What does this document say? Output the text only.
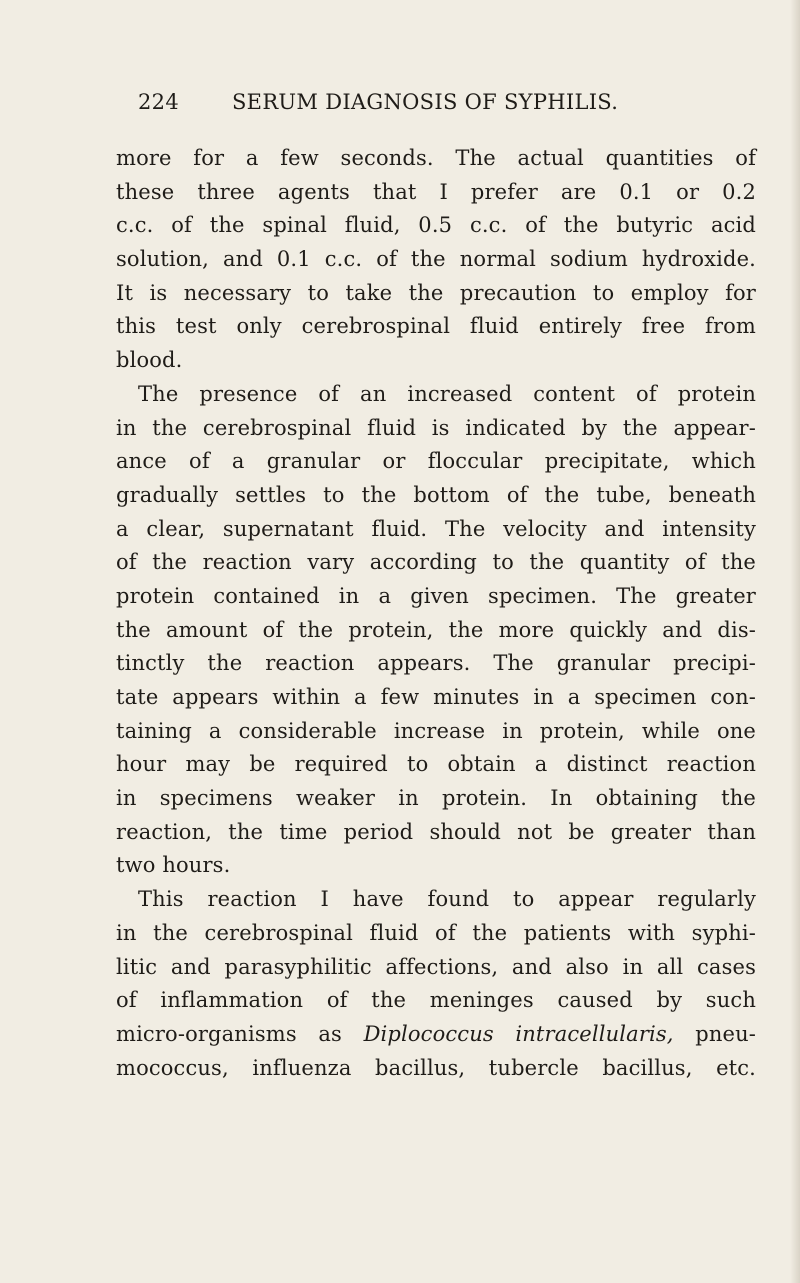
224	SERUM DIAGNOSIS OF SYPHILIS.
more for a few seconds. The actual quantities of
these three agents that I prefer are 0.1 or 0.2
c.c. of the spinal fluid, 0.5 c.c. of the butyric acid
solution, and 0.1 c.c. of the normal sodium hydroxide.
It is necessary to take the precaution to employ for
this test only cerebrospinal fluid entirely free from
blood.
The presence of an increased content of protein
in the cerebrospinal fluid is indicated by the appear-
ance of a granular or floccular precipitate, which
gradually settles to the bottom of the tube, beneath
a clear, supernatant fluid. The velocity and intensity
of the reaction vary according to the quantity of the
protein contained in a given specimen. The greater
the amount of the protein, the more quickly and dis-
tinctly the reaction appears. The granular precipi-
tate appears within a few minutes in a specimen con-
taining a considerable increase in protein, while one
hour may be required to obtain a distinct reaction
in specimens weaker in protein. In obtaining the
reaction, the time period should not be greater than
two hours.
This reaction I have found to appear regularly
in the cerebrospinal fluid of the patients with syphi-
litic and parasyphilitic affections, and also in all cases
of inflammation of the meninges caused by such
micro-organisms as Diplococcus intracellularis, pneu-
mococcus, influenza bacillus, tubercle bacillus, etc.
